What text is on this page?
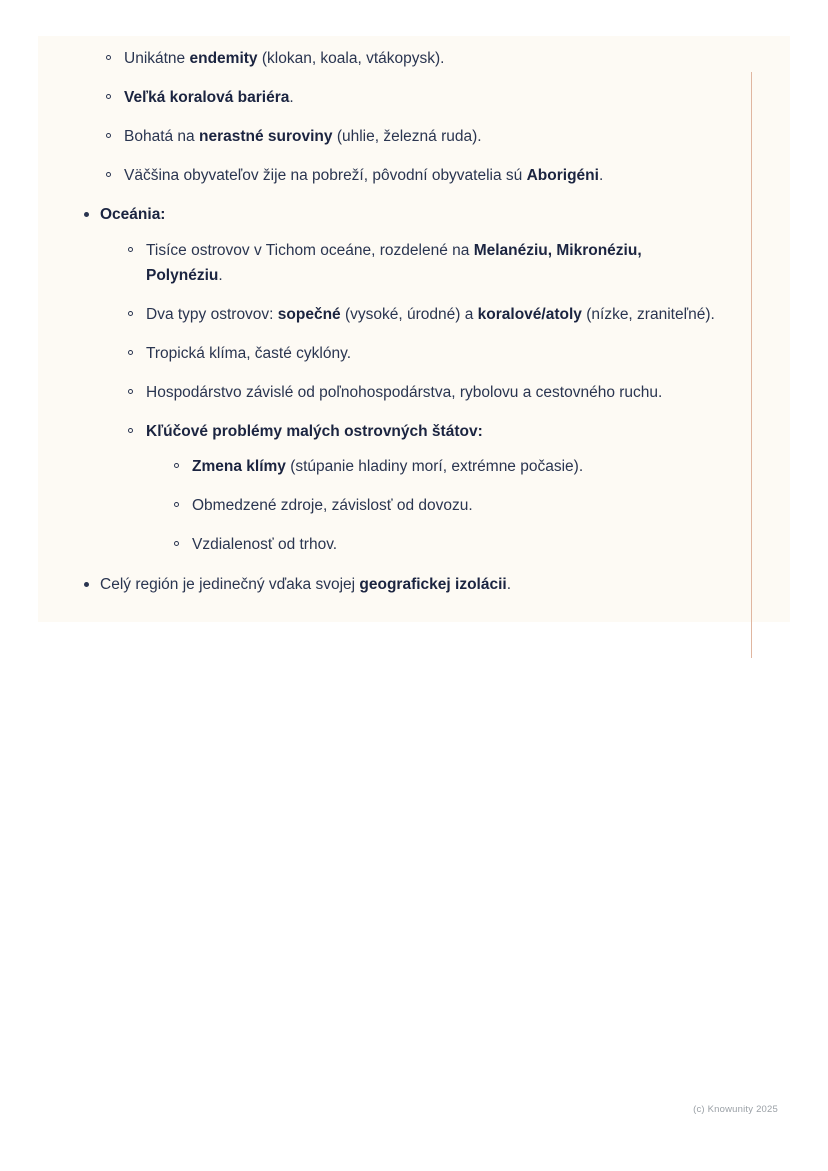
Unikátne endemity (klokan, koala, vtákopysk).
Veľká koralová bariéra.
Bohatá na nerastné suroviny (uhlie, železná ruda).
Väčšina obyvateľov žije na pobreží, pôvodní obyvatelia sú Aborigéni.
Oceánia:
Tisíce ostrovov v Tichom oceáne, rozdelené na Melanéziu, Mikronéziu, Polynéziu.
Dva typy ostrovov: sopečné (vysoké, úrodné) a koralové/atoly (nízke, zraniteľné).
Tropická klíma, časté cyklóny.
Hospodárstvo závislé od poľnohospodárstva, rybolovu a cestovného ruchu.
Kľúčové problémy malých ostrovných štátov:
Zmena klímy (stúpanie hladiny morí, extrémne počasie).
Obmedzené zdroje, závislosť od dovozu.
Vzdialenosť od trhov.
Celý región je jedinečný vďaka svojej geografickej izolácii.
(c) Knowunity 2025
